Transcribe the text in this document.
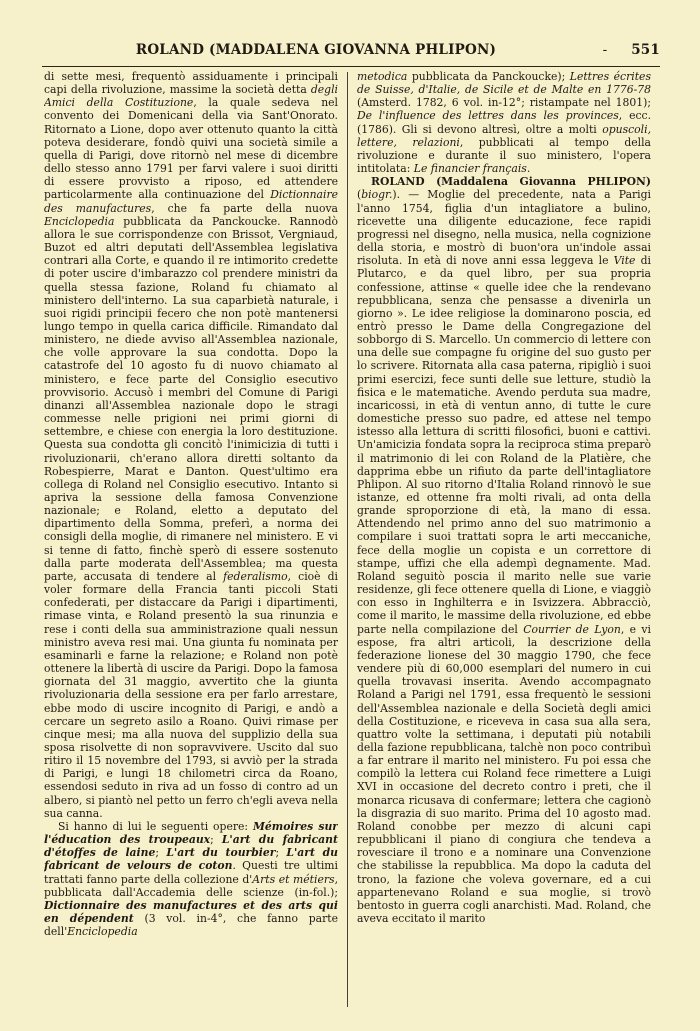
ROLAND (MADDALENA GIOVANNA PHLIPON)	-	551

di sette mesi, frequentò assiduamente i principali capi della rivoluzione, massime la società detta degli Amici della Costituzione, la quale sedeva nel convento dei Domenicani della via Sant'Onorato. Ritornato a Lione, dopo aver ottenuto quanto la città poteva desiderare, fondò quivi una società simile a quella di Parigi, dove ritornò nel mese di dicembre dello stesso anno 1791 per farvi valere i suoi diritti di essere provvisto a riposo, ed attendere particolarmente alla continuazione del Dictionnaire des manufactures, che fa parte della nuova Enciclopedia pubblicata da Panckoucke. Rannodò allora le sue corrispondenze con Brissot, Vergniaud, Buzot ed altri deputati dell'Assemblea legislativa contrari alla Corte, e quando il re intimorito credette di poter uscire d'imbarazzo col prendere ministri da quella stessa fazione, Roland fu chiamato al ministero dell'interno. La sua caparbietà naturale, i suoi rigidi principii fecero che non potè mantenersi lungo tempo in quella carica difficile. Rimandato dal ministero, ne diede avviso all'Assemblea nazionale, che volle approvare la sua condotta. Dopo la catastrofe del 10 agosto fu di nuovo chiamato al ministero, e fece parte del Consiglio esecutivo provvisorio. Accusò i membri del Comune di Parigi dinanzi all'Assemblea nazionale dopo le stragi commesse nelle prigioni nei primi giorni di settembre, e chiese con energia la loro destituzione. Questa sua condotta gli concitò l'inimicizia di tutti i rivoluzionarii, ch'erano allora diretti soltanto da Robespierre, Marat e Danton. Quest'ultimo era collega di Roland nel Consiglio esecutivo. Intanto si apriva la sessione della famosa Convenzione nazionale; e Roland, eletto a deputato del dipartimento della Somma, preferì, a norma dei consigli della moglie, di rimanere nel ministero. E vi si tenne di fatto, finchè sperò di essere sostenuto dalla parte moderata dell'Assemblea; ma questa parte, accusata di tendere al federalismo, cioè di voler formare della Francia tanti piccoli Stati confederati, per distaccare da Parigi i dipartimenti, rimase vinta, e Roland presentò la sua rinunzia e rese i conti della sua amministrazione quali nessun ministro aveva resi mai. Una giunta fu nominata per esaminarli e farne la relazione; e Roland non potè ottenere la libertà di uscire da Parigi. Dopo la famosa giornata del 31 maggio, avvertito che la giunta rivoluzionaria della sessione era per farlo arrestare, ebbe modo di uscire incognito di Parigi, e andò a cercare un segreto asilo a Roano. Quivi rimase per cinque mesi; ma alla nuova del supplizio della sua sposa risolvette di non sopravvivere. Uscito dal suo ritiro il 15 novembre del 1793, si avviò per la strada di Parigi, e lungi 18 chilometri circa da Roano, essendosi seduto in riva ad un fosso di contro ad un albero, si piantò nel petto un ferro ch'egli aveva nella sua canna.

Si hanno di lui le seguenti opere: Mémoires sur l'éducation des troupeaux; L'art du fabricant d'étoffes de laine; L'art du tourbier; L'art du fabricant de velours de coton. Questi tre ultimi trattati fanno parte della collezione d'Arts et métiers, pubblicata dall'Accademia delle scienze (in-fol.); Dictionnaire des manufactures et des arts qui en dépendent (3 vol. in-4°, che fanno parte dell'Enciclopedia

metodica pubblicata da Panckoucke); Lettres écrites de Suisse, d'Italie, de Sicile et de Malte en 1776-78 (Amsterd. 1782, 6 vol. in-12°; ristampate nel 1801); De l'influence des lettres dans les provinces, ecc. (1786). Gli si devono altresì, oltre a molti opuscoli, lettere, relazioni, pubblicati al tempo della rivoluzione e durante il suo ministero, l'opera intitolata: Le financier français.

ROLAND (Maddalena Giovanna PHLIPON) (biogr.). — Moglie del precedente, nata a Parigi l'anno 1754, figlia d'un intagliatore a bulino, ricevette una diligente educazione, fece rapidi progressi nel disegno, nella musica, nella cognizione della storia, e mostrò di buon'ora un'indole assai risoluta. In età di nove anni essa leggeva le Vite di Plutarco, e da quel libro, per sua propria confessione, attinse « quelle idee che la rendevano repubblicana, senza che pensasse a divenirla un giorno ». Le idee religiose la dominarono poscia, ed entrò presso le Dame della Congregazione del sobborgo di S. Marcello. Un commercio di lettere con una delle sue compagne fu origine del suo gusto per lo scrivere. Ritornata alla casa paterna, ripigliò i suoi primi esercizi, fece sunti delle sue letture, studiò la fisica e le matematiche. Avendo perduta sua madre, incaricossi, in età di ventun anno, di tutte le cure domestiche presso suo padre, ed attese nel tempo istesso alla lettura di scritti filosofici, buoni e cattivi. Un'amicizia fondata sopra la reciproca stima preparò il matrimonio di lei con Roland de la Platière, che dapprima ebbe un rifiuto da parte dell'intagliatore Phlipon. Al suo ritorno d'Italia Roland rinnovò le sue istanze, ed ottenne fra molti rivali, ad onta della grande sproporzione di età, la mano di essa. Attendendo nel primo anno del suo matrimonio a compilare i suoi trattati sopra le arti meccaniche, fece della moglie un copista e un correttore di stampe, uffizi che ella adempì degnamente. Mad. Roland seguitò poscia il marito nelle sue varie residenze, gli fece ottenere quella di Lione, e viaggiò con esso in Inghilterra e in Isvizzera. Abbracciò, come il marito, le massime della rivoluzione, ed ebbe parte nella compilazione del Courrier de Lyon, e vi espose, fra altri articoli, la descrizione della federazione lionese del 30 maggio 1790, che fece vendere più di 60,000 esemplari del numero in cui quella trovavasi inserita. Avendo accompagnato Roland a Parigi nel 1791, essa frequentò le sessioni dell'Assemblea nazionale e della Società degli amici della Costituzione, e riceveva in casa sua alla sera, quattro volte la settimana, i deputati più notabili della fazione repubblicana, talchè non poco contribuì a far entrare il marito nel ministero. Fu poi essa che compilò la lettera cui Roland fece rimettere a Luigi XVI in occasione del decreto contro i preti, che il monarca ricusava di confermare; lettera che cagionò la disgrazia di suo marito. Prima del 10 agosto mad. Roland conobbe per mezzo di alcuni capi repubblicani il piano di congiura che tendeva a rovesciare il trono e a nominare una Convenzione che stabilisse la repubblica. Ma dopo la caduta del trono, la fazione che voleva governare, ed a cui appartenevano Roland e sua moglie, si trovò bentosto in guerra cogli anarchisti. Mad. Roland, che aveva eccitato il marito
